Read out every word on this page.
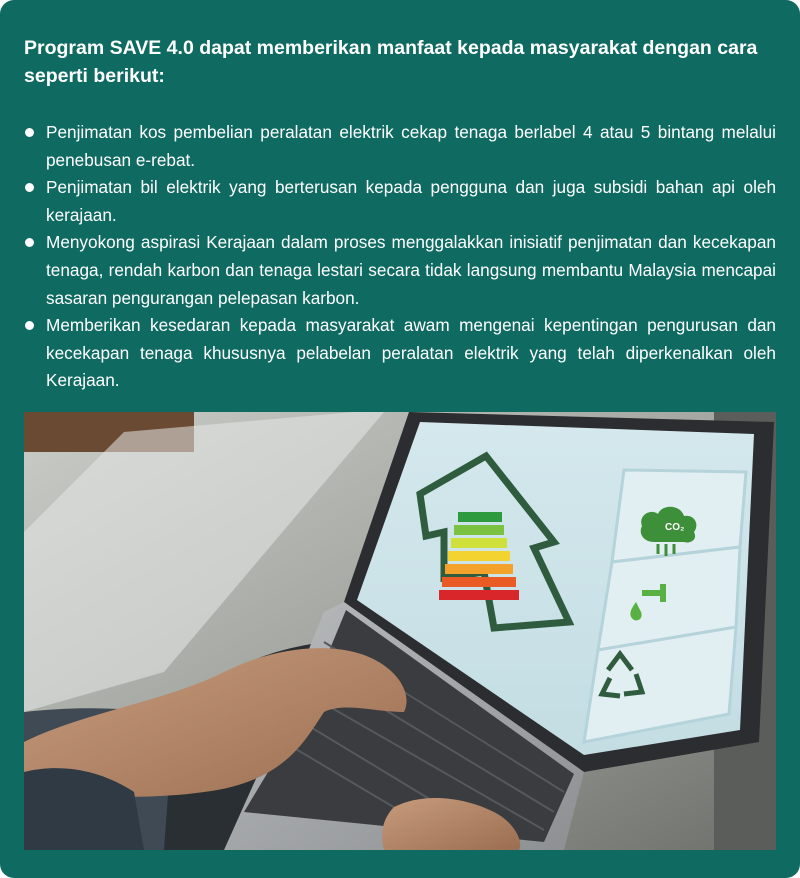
Program SAVE 4.0 dapat memberikan manfaat kepada masyarakat dengan cara seperti berikut:
Penjimatan kos pembelian peralatan elektrik cekap tenaga berlabel 4 atau 5 bintang melalui penebusan e-rebat.
Penjimatan bil elektrik yang berterusan kepada pengguna dan juga subsidi bahan api oleh kerajaan.
Menyokong aspirasi Kerajaan dalam proses menggalakkan inisiatif penjimatan dan kecekapan tenaga, rendah karbon dan tenaga lestari secara tidak langsung membantu Malaysia mencapai sasaran pengurangan pelepasan karbon.
Memberikan kesedaran kepada masyarakat awam mengenai kepentingan pengurusan dan kecekapan tenaga khususnya pelabelan peralatan elektrik yang telah diperkenalkan oleh Kerajaan.
CO₂
